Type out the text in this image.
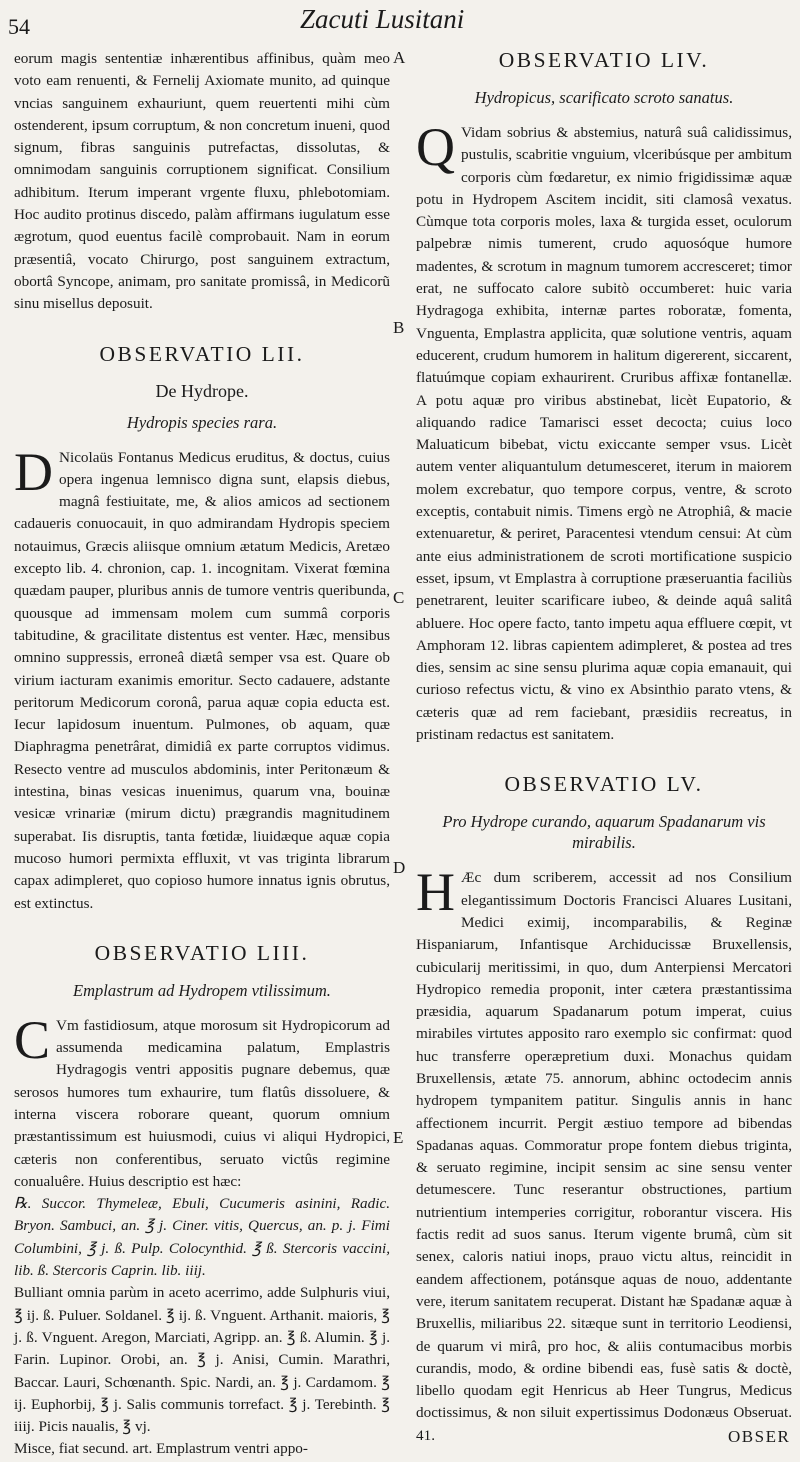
54	Zacuti Lusitani
A
B
C
D
E

eorum magis sententiæ inhærentibus affinibus, quàm meo voto eam renuenti, & Fernelij Axiomate munito, ad quinque vncias sanguinem exhauriunt, quem reuertenti mihi cùm ostenderent, ipsum corruptum, & non concretum inueni, quod signum, fibras sanguinis putrefactas, dissolutas, & omnimodam sanguinis corruptionem significat. Consilium adhibitum. Iterum imperant vrgente fluxu, phlebotomiam. Hoc audito protinus discedo, palàm affirmans iugulatum esse ægrotum, quod euentus facilè comprobauit. Nam in eorum præsentiâ, vocato Chirurgo, post sanguinem extractum, obortâ Syncope, animam, pro sanitate promissâ, in Medicorũ sinu misellus deposuit.

OBSERVATIO LII.
De Hydrope.
Hydropis species rara.

D Nicolaüs Fontanus Medicus eruditus, & doctus, cuius opera ingenua lemnisco digna sunt, elapsis diebus, magnâ festiuitate, me, & alios amicos ad sectionem cadaueris conuocauit, in quo admirandam Hydropis speciem notauimus, Græcis aliisque omnium ætatum Medicis, Aretæo excepto lib. 4. chronion, cap. 1. incognitam. Vixerat fœmina quædam pauper, pluribus annis de tumore ventris queribunda, quousque ad immensam molem cum summâ corporis tabitudine, & gracilitate distentus est venter. Hæc, mensibus omnino suppressis, erroneâ diætâ semper vsa est. Quare ob virium iacturam exanimis emoritur. Secto cadauere, adstante peritorum Medicorum coronâ, parua aquæ copia educta est. Iecur lapidosum inuentum. Pulmones, ob aquam, quæ Diaphragma penetrârat, dimidiâ ex parte corruptos vidimus. Resecto ventre ad musculos abdominis, inter Peritonæum & intestina, binas vesicas inuenimus, quarum vna, bouinæ vesicæ vrinariæ (mirum dictu) prægrandis magnitudinem superabat. Iis disruptis, tanta fœtidæ, liuidæque aquæ copia mucoso humori permixta effluxit, vt vas triginta librarum capax adimpleret, quo copioso humore innatus ignis obrutus, est extinctus.

OBSERVATIO LIII.
Emplastrum ad Hydropem vtilissimum.

C Vm fastidiosum, atque morosum sit Hydropicorum ad assumenda medicamina palatum, Emplastris Hydragogis ventri appositis pugnare debemus, quæ serosos humores tum exhaurire, tum flatûs dissoluere, & interna viscera roborare queant, quorum omnium præstantissimum est huiusmodi, cuius vi aliqui Hydropici, cæteris non conferentibus, seruato victûs regimine conualuêre. Huius descriptio est hæc:

℞. Succor. Thymeleæ, Ebuli, Cucumeris asinini, Radic. Bryon. Sambuci, an. ℥ j. Ciner. vitis, Quercus, an. p. j. Fimi Columbini, ℥ j. ß. Pulp. Colocynthid. ℥ ß. Stercoris vaccini, lib. ß. Stercoris Caprin. lib. iiij.

Bulliant omnia parùm in aceto acerrimo, adde Sulphuris viui, ℥ ij. ß. Puluer. Soldanel. ℥ ij. ß. Vnguent. Arthanit. maioris, ℥ j. ß. Vnguent. Aregon, Marciati, Agripp. an. ℥ ß. Alumin. ℥ j. Farin. Lupinor. Orobi, an. ℥ j. Anisi, Cumin. Marathri, Baccar. Lauri, Schœnanth. Spic. Nardi, an. ℥ j. Cardamom. ℥ ij. Euphorbij, ℥ j. Salis communis torrefact. ℥ j. Terebinth. ℥ iiij. Picis naualis, ℥ vj.

Misce, fiat secund. art. Emplastrum ventri appo-

OBSERVATIO LIV.
Hydropicus, scarificato scroto sanatus.

Q Vidam sobrius & abstemius, naturâ suâ calidissimus, pustulis, scabritie vnguium, vlceribúsque per ambitum corporis cùm fœdaretur, ex nimio frigidissimæ aquæ potu in Hydropem Ascitem incidit, siti clamosâ vexatus. Cùmque tota corporis moles, laxa & turgida esset, oculorum palpebræ nimis tumerent, crudo aquosóque humore madentes, & scrotum in magnum tumorem accresceret; timor erat, ne suffocato calore subitò occumberet: huic varia Hydragoga exhibita, internæ partes roboratæ, fomenta, Vnguenta, Emplastra applicita, quæ solutione ventris, aquam educerent, crudum humorem in halitum digererent, siccarent, flatuúmque copiam exhaurirent. Cruribus affixæ fontanellæ. A potu aquæ pro viribus abstinebat, licèt Eupatorio, & aliquando radice Tamarisci esset decocta; cuius loco Maluaticum bibebat, victu exiccante semper vsus. Licèt autem venter aliquantulum detumesceret, iterum in maiorem molem excrebatur, quo tempore corpus, ventre, & scroto exceptis, contabuit nimis. Timens ergò ne Atrophiâ, & macie extenuaretur, & periret, Paracentesi vtendum censui: At cùm ante eius administrationem de scroti mortificatione suspicio esset, ipsum, vt Emplastra à corruptione præseruantia faciliùs penetrarent, leuiter scarificare iubeo, & deinde aquâ salitâ abluere. Hoc opere facto, tanto impetu aqua effluere cœpit, vt Amphoram 12. libras capientem adimpleret, & postea ad tres dies, sensim ac sine sensu plurima aquæ copia emanauit, qui curioso refectus victu, & vino ex Absinthio parato vtens, & cæteris quæ ad rem faciebant, præsidiis recreatus, in pristinam redactus est sanitatem.

OBSERVATIO LV.
Pro Hydrope curando, aquarum Spadanarum vis mirabilis.

H Æc dum scriberem, accessit ad nos Consilium elegantissimum Doctoris Francisci Aluares Lusitani, Medici eximij, incomparabilis, & Reginæ Hispaniarum, Infantisque Archiducissæ Bruxellensis, cubicularij meritissimi, in quo, dum Anterpiensi Mercatori Hydropico remedia proponit, inter cætera præstantissima præsidia, aquarum Spadanarum potum imperat, cuius mirabiles virtutes apposito raro exemplo sic confirmat: quod huc transferre operæpretium duxi. Monachus quidam Bruxellensis, ætate 75. annorum, abhinc octodecim annis hydropem tympanitem patitur. Singulis annis in hanc affectionem incurrit. Pergit æstiuo tempore ad bibendas Spadanas aquas. Commoratur prope fontem diebus triginta, & seruato regimine, incipit sensim ac sine sensu venter detumescere. Tunc reserantur obstructiones, partium nutrientium intemperies corrigitur, roborantur viscera. His factis redit ad suos sanus. Iterum vigente brumâ, cùm sit senex, caloris natiui inops, prauo victu altus, reincidit in eandem affectionem, potánsque aquas de nouo, addentante vere, iterum sanitatem recuperat. Distant hæ Spadanæ aquæ à Bruxellis, miliaribus 22. sitæque sunt in territorio Leodiensi, de quarum vi mirâ, pro hoc, & aliis contumacibus morbis curandis, modo, & ordine bibendi eas, fusè satis & doctè, libello quodam egit Henricus ab Heer Tungrus, Medicus doctissimus, & non siluit expertissimus Dodonæus Obseruat. 41.	OBSER
